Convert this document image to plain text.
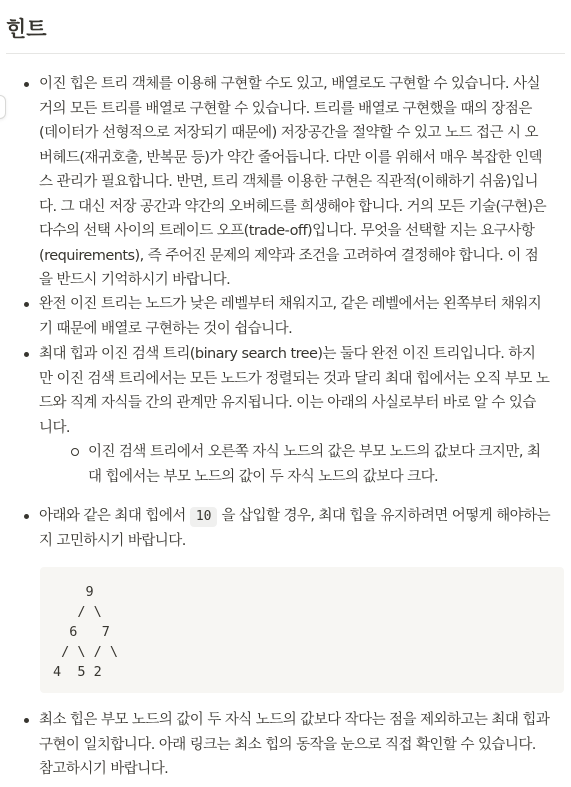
힌트
이진 힙은 트리 객체를 이용해 구현할 수도 있고, 배열로도 구현할 수 있습니다. 사실
거의 모든 트리를 배열로 구현할 수 있습니다. 트리를 배열로 구현했을 때의 장점은
(데이터가 선형적으로 저장되기 때문에) 저장공간을 절약할 수 있고 노드 접근 시 오
버헤드(재귀호출, 반복문 등)가 약간 줄어듭니다. 다만 이를 위해서 매우 복잡한 인덱
스 관리가 필요합니다. 반면, 트리 객체를 이용한 구현은 직관적(이해하기 쉬움)입니
다. 그 대신 저장 공간과 약간의 오버헤드를 희생해야 합니다. 거의 모든 기술(구현)은
다수의 선택 사이의 트레이드 오프(trade-off)입니다. 무엇을 선택할 지는 요구사항
(requirements), 즉 주어진 문제의 제약과 조건을 고려하여 결정해야 합니다. 이 점
을 반드시 기억하시기 바랍니다.
완전 이진 트리는 노드가 낮은 레벨부터 채워지고, 같은 레벨에서는 왼쪽부터 채워지
기 때문에 배열로 구현하는 것이 쉽습니다.
최대 힙과 이진 검색 트리(binary search tree)는 둘다 완전 이진 트리입니다. 하지
만 이진 검색 트리에서는 모든 노드가 정렬되는 것과 달리 최대 힙에서는 오직 부모 노
드와 직계 자식들 간의 관계만 유지됩니다. 이는 아래의 사실로부터 바로 알 수 있습
니다.
이진 검색 트리에서 오른쪽 자식 노드의 값은 부모 노드의 값보다 크지만, 최
대 힙에서는 부모 노드의 값이 두 자식 노드의 값보다 크다.
아래와 같은 최대 힙에서 10 을 삽입할 경우, 최대 힙을 유지하려면 어떻게 해야하는
지 고민하시기 바랍니다.
9
/ \
6   7
/ \ / \
4  5 2
최소 힙은 부모 노드의 값이 두 자식 노드의 값보다 작다는 점을 제외하고는 최대 힙과
구현이 일치합니다. 아래 링크는 최소 힙의 동작을 눈으로 직접 확인할 수 있습니다.
참고하시기 바랍니다.
